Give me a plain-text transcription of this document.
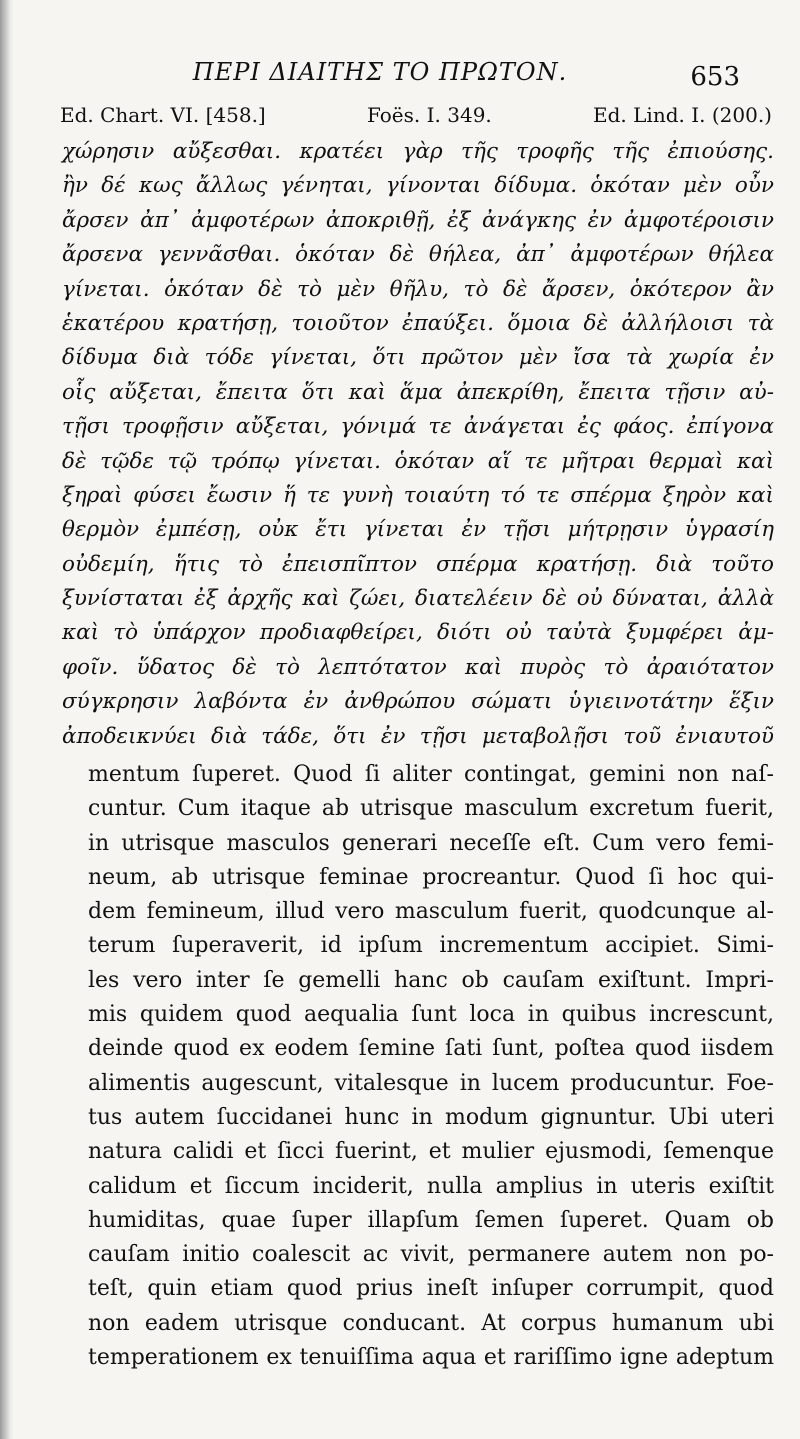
ΠΕΡΙ ΔΙΑΙΤΗΣ ΤΟ ΠΡΩΤΟΝ.	653
Ed. Chart. VI. [458.]	Foës. I. 349.	Ed. Lind. I. (200.)
χώρησιν αὔξεσθαι. κρατέει γὰρ τῆς τροφῆς τῆς ἐπιούσης.
ἢν δέ κως ἄλλως γένηται, γίνονται δίδυμα. ὁκόταν μὲν οὖν
ἄρσεν ἀπ᾽ ἀμφοτέρων ἀποκριθῇ, ἐξ ἀνάγκης ἐν ἀμφοτέροισιν
ἄρσενα γεννᾶσθαι. ὁκόταν δὲ θήλεα, ἀπ᾽ ἀμφοτέρων θήλεα
γίνεται. ὁκόταν δὲ τὸ μὲν θῆλυ, τὸ δὲ ἄρσεν, ὁκότερον ἂν
ἑκατέρου κρατήσῃ, τοιοῦτον ἐπαύξει. ὅμοια δὲ ἀλλήλοισι τὰ
δίδυμα διὰ τόδε γίνεται, ὅτι πρῶτον μὲν ἴσα τὰ χωρία ἐν
οἷς αὔξεται, ἔπειτα ὅτι καὶ ἅμα ἀπεκρίθη, ἔπειτα τῇσιν αὐ-
τῇσι τροφῇσιν αὔξεται, γόνιμά τε ἀνάγεται ἐς φάος. ἐπίγονα
δὲ τῷδε τῷ τρόπῳ γίνεται. ὁκόταν αἵ τε μῆτραι θερμαὶ καὶ
ξηραὶ φύσει ἔωσιν ἥ τε γυνὴ τοιαύτη τό τε σπέρμα ξηρὸν καὶ
θερμὸν ἐμπέσῃ, οὐκ ἔτι γίνεται ἐν τῇσι μήτρῃσιν ὑγρασίη
οὐδεμίη, ἥτις τὸ ἐπεισπῖπτον σπέρμα κρατήσῃ. διὰ τοῦτο
ξυνίσταται ἐξ ἀρχῆς καὶ ζώει, διατελέειν δὲ οὐ δύναται, ἀλλὰ
καὶ τὸ ὑπάρχον προδιαφθείρει, διότι οὐ ταὐτὰ ξυμφέρει ἀμ-
φοῖν. ὕδατος δὲ τὸ λεπτότατον καὶ πυρὸς τὸ ἀραιότατον
σύγκρησιν λαβόντα ἐν ἀνθρώπου σώματι ὑγιεινοτάτην ἕξιν
ἀποδεικνύει διὰ τάδε, ὅτι ἐν τῇσι μεταβολῇσι τοῦ ἐνιαυτοῦ
mentum ſuperet. Quod ſi aliter contingat, gemini non naſ-
cuntur. Cum itaque ab utrisque masculum excretum fuerit,
in utrisque masculos generari neceſſe eſt. Cum vero femi-
neum, ab utrisque feminae procreantur. Quod ſi hoc qui-
dem femineum, illud vero masculum fuerit, quodcunque al-
terum ſuperaverit, id ipſum incrementum accipiet. Simi-
les vero inter ſe gemelli hanc ob cauſam exiſtunt. Impri-
mis quidem quod aequalia ſunt loca in quibus increscunt,
deinde quod ex eodem ſemine ſati ſunt, poſtea quod iisdem
alimentis augescunt, vitalesque in lucem producuntur. Foe-
tus autem ſuccidanei hunc in modum gignuntur. Ubi uteri
natura calidi et ſicci fuerint, et mulier ejusmodi, ſemenque
calidum et ſiccum inciderit, nulla amplius in uteris exiſtit
humiditas, quae ſuper illapſum ſemen ſuperet. Quam ob
cauſam initio coalescit ac vivit, permanere autem non po-
teſt, quin etiam quod prius ineſt inſuper corrumpit, quod
non eadem utrisque conducant. At corpus humanum ubi
temperationem ex tenuiſſima aqua et rariſſimo igne adeptum
